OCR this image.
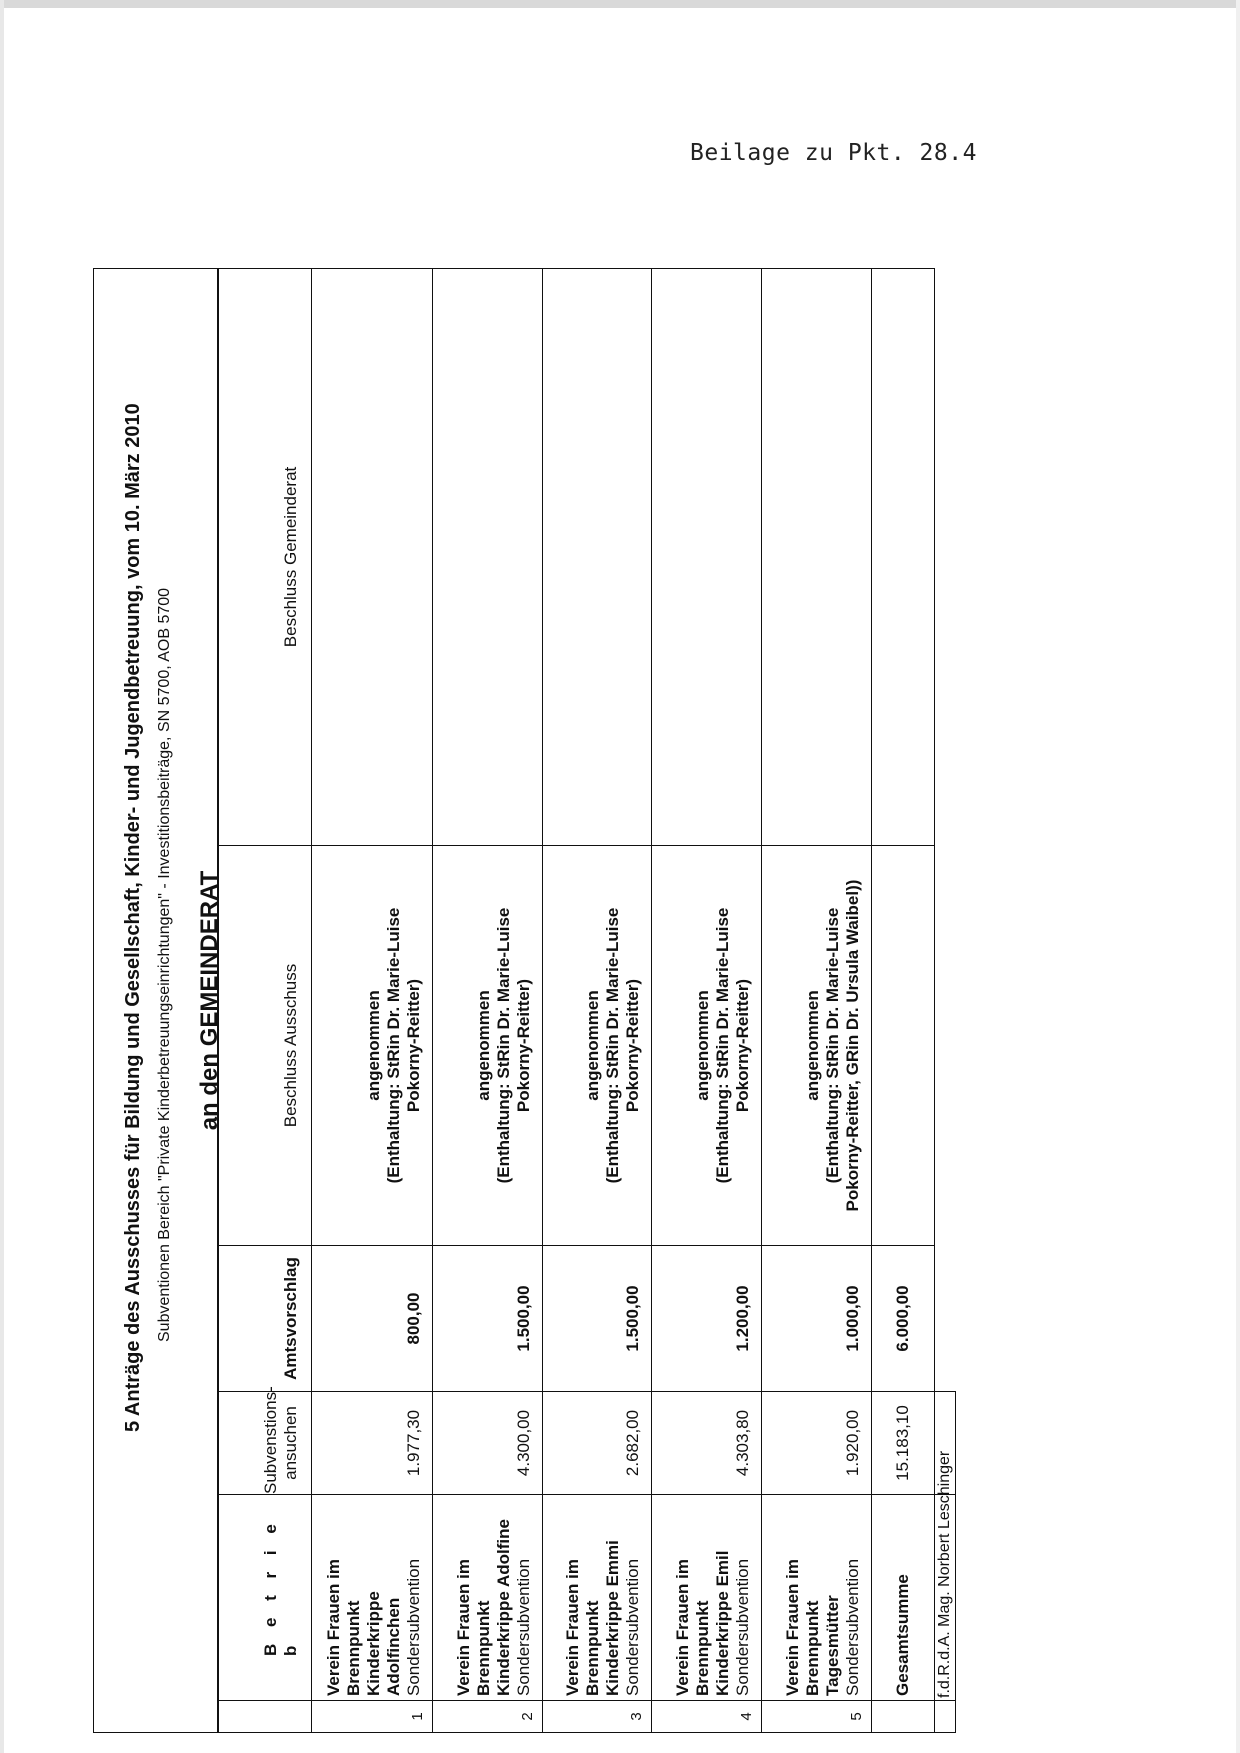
Beilage zu Pkt. 28.4
5 Anträge des Ausschusses für Bildung und Gesellschaft, Kinder- und Jugendbetreuung, vom 10. März 2010 Subventionen Bereich "Private Kinderbetreuungseinrichtungen" - Investitionsbeiträge, SN 5700, AOB 5700					

an den GEMEINDERAT					

	B e t r i e b	Subvenstions-
ansuchen	Amtsvorschlag	Beschluss Ausschuss	Beschluss Gemeinderat
1	Verein Frauen im Brennpunkt Kinderkrippe Adolfinchen Sondersubvention	1.977,30	800,00	angenommen
(Enthaltung: StRin Dr. Marie-Luise
Pokorny-Reitter)	
2	Verein Frauen im Brennpunkt Kinderkrippe Adolfine Sondersubvention	4.300,00	1.500,00	angenommen
(Enthaltung: StRin Dr. Marie-Luise
Pokorny-Reitter)	
3	Verein Frauen im Brennpunkt Kinderkrippe Emmi Sondersubvention	2.682,00	1.500,00	angenommen
(Enthaltung: StRin Dr. Marie-Luise
Pokorny-Reitter)	
4	Verein Frauen im Brennpunkt Kinderkrippe Emil Sondersubvention	4.303,80	1.200,00	angenommen
(Enthaltung: StRin Dr. Marie-Luise
Pokorny-Reitter)	
5	Verein Frauen im Brennpunkt Tagesmütter Sondersubvention	1.920,00	1.000,00	angenommen
(Enthaltung: StRin Dr. Marie-Luise
Pokorny-Reitter, GRin Dr. Ursula Waibel))	
	Gesamtsumme	15.183,10	6.000,00		
	f.d.R.d.A. Mag. Norbert Leschinger				
